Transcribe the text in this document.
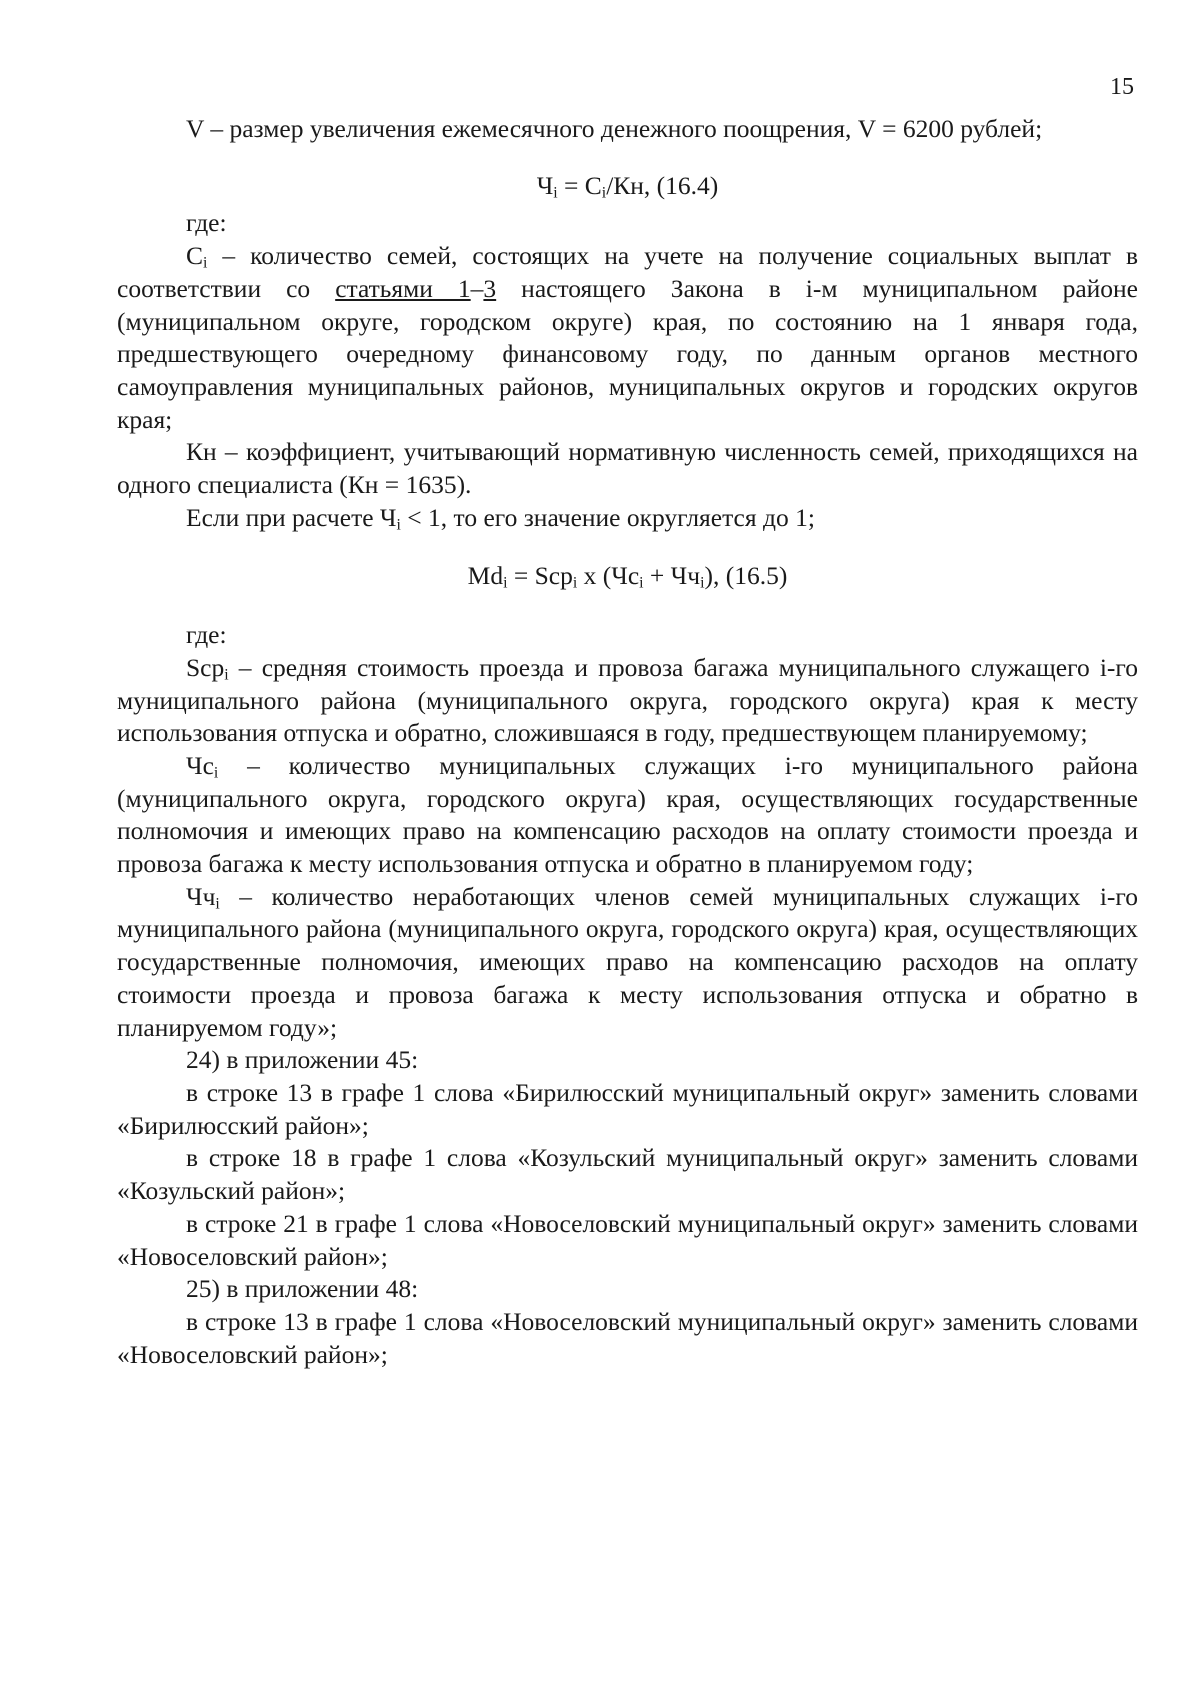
15

V – размер увеличения ежемесячного денежного поощрения, V = 6200 рублей;

$Ч_i = C_i/Кн$, (16.4)

где:

$C_i$ – количество семей, состоящих на учете на получение социальных выплат в соответствии со статьями 1–3 настоящего Закона в i-м муниципальном районе (муниципальном округе, городском округе) края, по состоянию на 1 января года, предшествующего очередному финансовому году, по данным органов местного самоуправления муниципальных районов, муниципальных округов и городских округов края;

Кн – коэффициент, учитывающий нормативную численность семей, приходящихся на одного специалиста (Кн = 1635).

Если при расчете $Ч_i < 1$, то его значение округляется до 1;

$Md_i = Scp_i$ x $(Чс_i + Чч_i)$, (16.5)

где:

Scp$_i$ – средняя стоимость проезда и провоза багажа муниципального служащего i-го муниципального района (муниципального округа, городского округа) края к месту использования отпуска и обратно, сложившаяся в году, предшествующем планируемому;

$Чс_i$ – количество муниципальных служащих i-го муниципального района (муниципального округа, городского округа) края, осуществляющих государственные полномочия и имеющих право на компенсацию расходов на оплату стоимости проезда и провоза багажа к месту использования отпуска и обратно в планируемом году;

$Чч_i$ – количество неработающих членов семей муниципальных служащих i-го муниципального района (муниципального округа, городского округа) края, осуществляющих государственные полномочия, имеющих право на компенсацию расходов на оплату стоимости проезда и провоза багажа к месту использования отпуска и обратно в планируемом году»;

24) в приложении 45:

в строке 13 в графе 1 слова «Бирилюсский муниципальный округ» заменить словами «Бирилюсский район»;

в строке 18 в графе 1 слова «Козульский муниципальный округ» заменить словами «Козульский район»;

в строке 21 в графе 1 слова «Новоселовский муниципальный округ» заменить словами «Новоселовский район»;

25) в приложении 48:

в строке 13 в графе 1 слова «Новоселовский муниципальный округ» заменить словами «Новоселовский район»;
